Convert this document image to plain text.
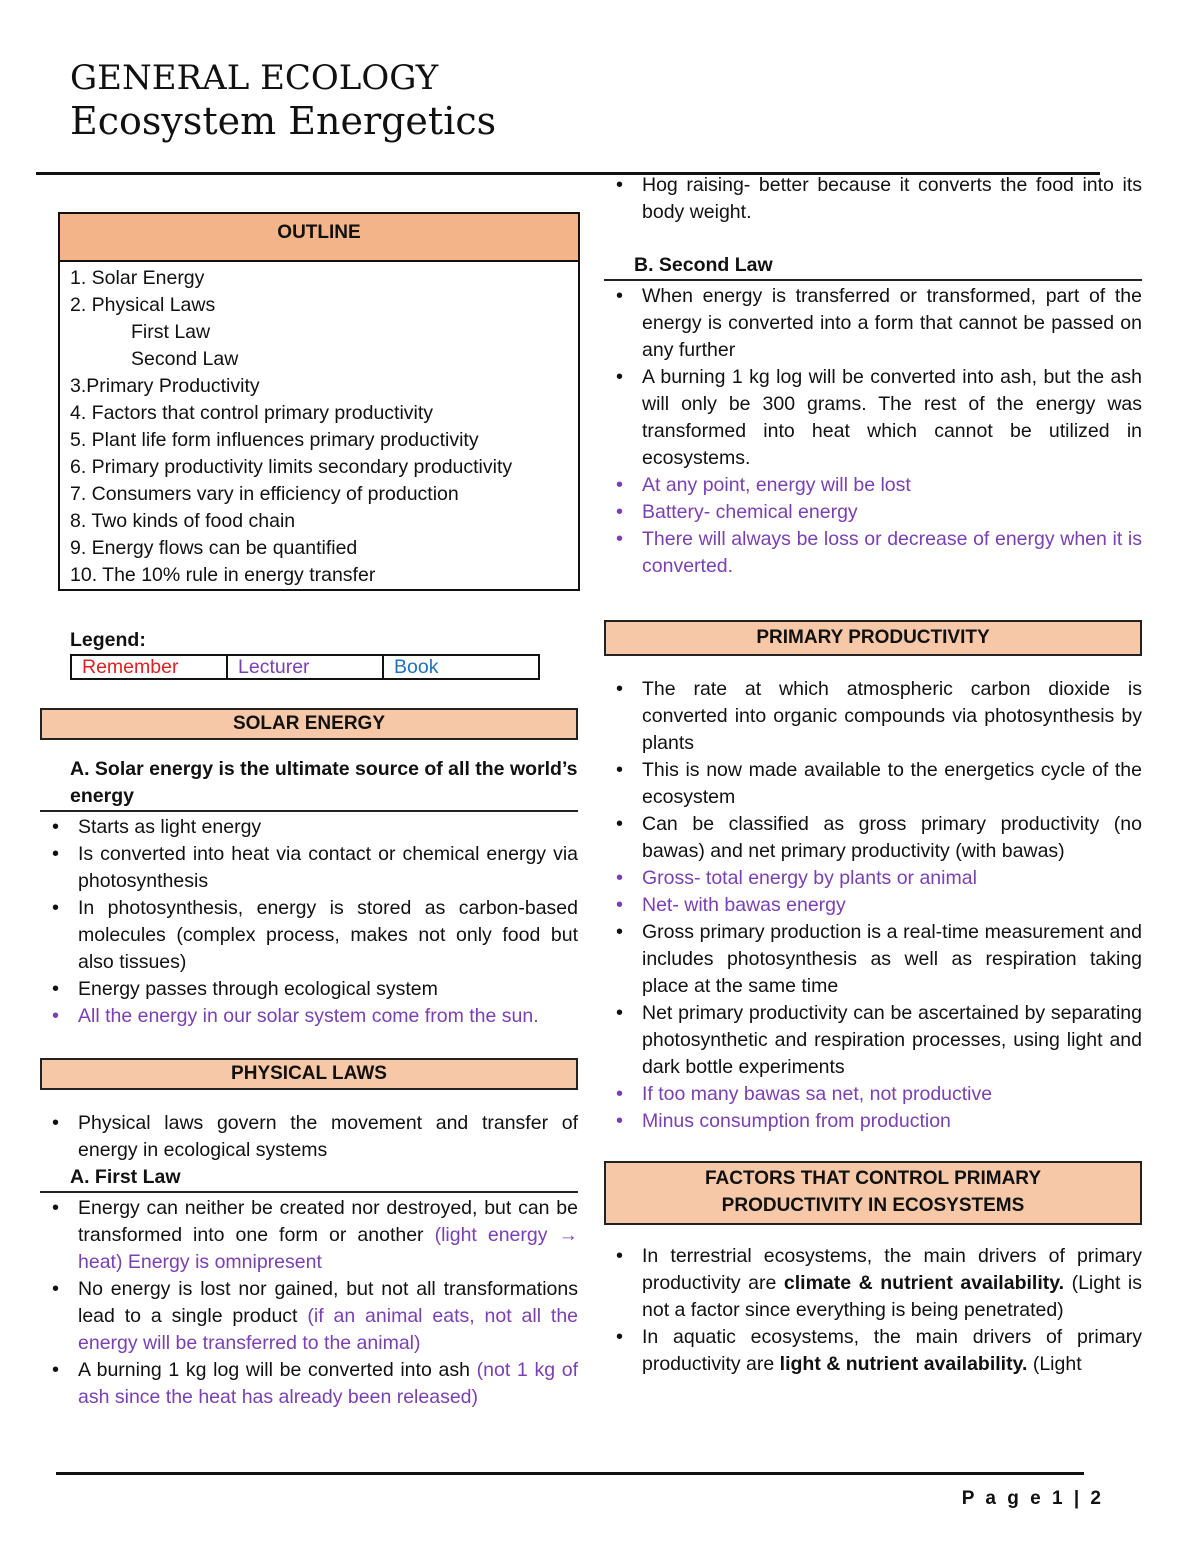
GENERAL ECOLOGY
Ecosystem Energetics
OUTLINE
1. Solar Energy
2. Physical Laws
First Law
Second Law
3.Primary Productivity
4. Factors that control primary productivity
5. Plant life form influences primary productivity
6. Primary productivity limits secondary productivity
7. Consumers vary in efficiency of production
8. Two kinds of food chain
9. Energy flows can be quantified
10. The 10% rule in energy transfer
Legend:
Remember	Lecturer	Book
SOLAR ENERGY
A. Solar energy is the ultimate source of all the world’s energy
• Starts as light energy
• Is converted into heat via contact or chemical energy via photosynthesis
• In photosynthesis, energy is stored as carbon-based molecules (complex process, makes not only food but also tissues)
• Energy passes through ecological system
• All the energy in our solar system come from the sun.
PHYSICAL LAWS
• Physical laws govern the movement and transfer of energy in ecological systems
A. First Law
• Energy can neither be created nor destroyed, but can be transformed into one form or another (light energy → heat) Energy is omnipresent
• No energy is lost nor gained, but not all transformations lead to a single product (if an animal eats, not all the energy will be transferred to the animal)
• A burning 1 kg log will be converted into ash (not 1 kg of ash since the heat has already been released)
• Hog raising- better because it converts the food into its body weight.
B. Second Law
• When energy is transferred or transformed, part of the energy is converted into a form that cannot be passed on any further
• A burning 1 kg log will be converted into ash, but the ash will only be 300 grams. The rest of the energy was transformed into heat which cannot be utilized in ecosystems.
• At any point, energy will be lost
• Battery- chemical energy
• There will always be loss or decrease of energy when it is converted.
PRIMARY PRODUCTIVITY
• The rate at which atmospheric carbon dioxide is converted into organic compounds via photosynthesis by plants
• This is now made available to the energetics cycle of the ecosystem
• Can be classified as gross primary productivity (no bawas) and net primary productivity (with bawas)
• Gross- total energy by plants or animal
• Net- with bawas energy
• Gross primary production is a real-time measurement and includes photosynthesis as well as respiration taking place at the same time
• Net primary productivity can be ascertained by separating photosynthetic and respiration processes, using light and dark bottle experiments
• If too many bawas sa net, not productive
• Minus consumption from production
FACTORS THAT CONTROL PRIMARY
PRODUCTIVITY IN ECOSYSTEMS
• In terrestrial ecosystems, the main drivers of primary productivity are climate & nutrient availability. (Light is not a factor since everything is being penetrated)
• In aquatic ecosystems, the main drivers of primary productivity are light & nutrient availability. (Light
P a g e 1 | 2
